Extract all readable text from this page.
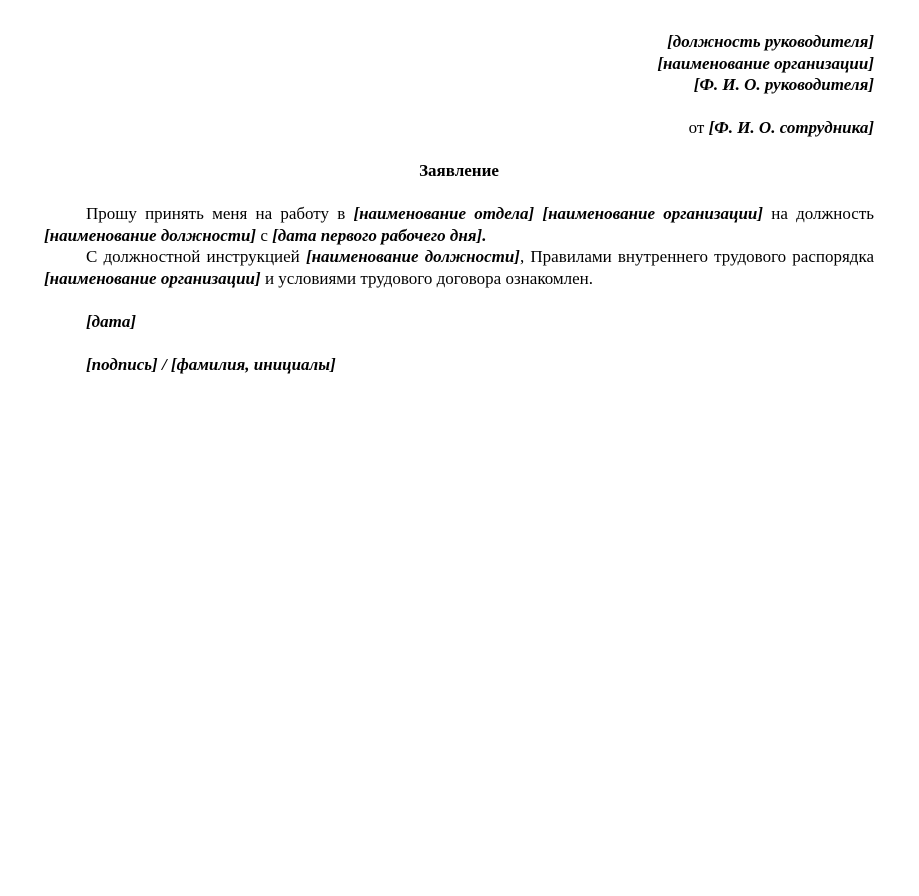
[должность руководителя]
[наименование организации]
[Ф. И. О. руководителя]
от [Ф. И. О. сотрудника]
Заявление
Прошу принять меня на работу в [наименование отдела] [наименование организации] на должность [наименование должности] с [дата первого рабочего дня].
С должностной инструкцией [наименование должности], Правилами внутреннего трудового распорядка [наименование организации] и условиями трудового договора ознакомлен.
[дата]
[подпись] / [фамилия, инициалы]
